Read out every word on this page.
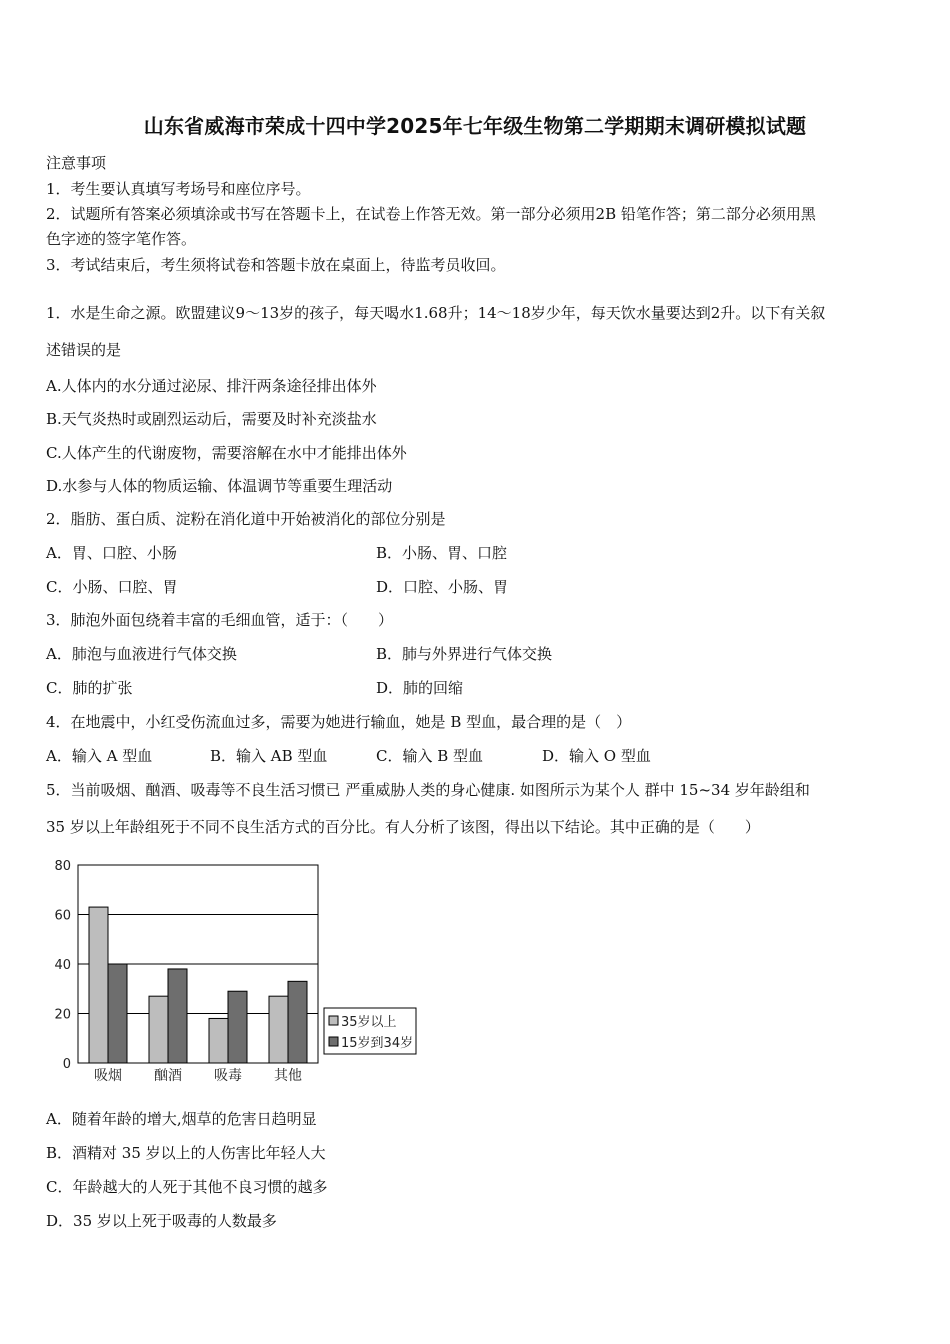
山东省威海市荣成十四中学2025年七年级生物第二学期期末调研模拟试题
注意事项
1．考生要认真填写考场号和座位序号。
2．试题所有答案必须填涂或书写在答题卡上，在试卷上作答无效。第一部分必须用2B 铅笔作答；第二部分必须用黑
色字迹的签字笔作答。
3．考试结束后，考生须将试卷和答题卡放在桌面上，待监考员收回。
1．水是生命之源。欧盟建议9～13岁的孩子，每天喝水1.68升；14～18岁少年，每天饮水量要达到2升。以下有关叙
述错误的是
A.人体内的水分通过泌尿、排汗两条途径排出体外
B.天气炎热时或剧烈运动后，需要及时补充淡盐水
C.人体产生的代谢废物，需要溶解在水中才能排出体外
D.水参与人体的物质运输、体温调节等重要生理活动
2．脂肪、蛋白质、淀粉在消化道中开始被消化的部位分别是
A．胃、口腔、小肠	B．小肠、胃、口腔
C．小肠、口腔、胃	D．口腔、小肠、胃
3．肺泡外面包绕着丰富的毛细血管，适于：（　　）
A．肺泡与血液进行气体交换	B．肺与外界进行气体交换
C．肺的扩张	D．肺的回缩
4．在地震中，小红受伤流血过多，需要为她进行输血，她是 B 型血，最合理的是（　）
A．输入 A 型血	B．输入 AB 型血	C．输入 B 型血	D．输入 O 型血
5．当前吸烟、酗酒、吸毒等不良生活习惯已 严重威胁人类的身心健康. 如图所示为某个人 群中 15~34 岁年龄组和
35 岁以上年龄组死于不同不良生活方式的百分比。有人分析了该图，得出以下结论。其中正确的是（　　）
80
60
40
20
0
吸烟 酗酒 吸毒 其他
35岁以上
15岁到34岁
A．随着年龄的增大,烟草的危害日趋明显
B．酒精对 35 岁以上的人伤害比年轻人大
C．年龄越大的人死于其他不良习惯的越多
D．35 岁以上死于吸毒的人数最多
